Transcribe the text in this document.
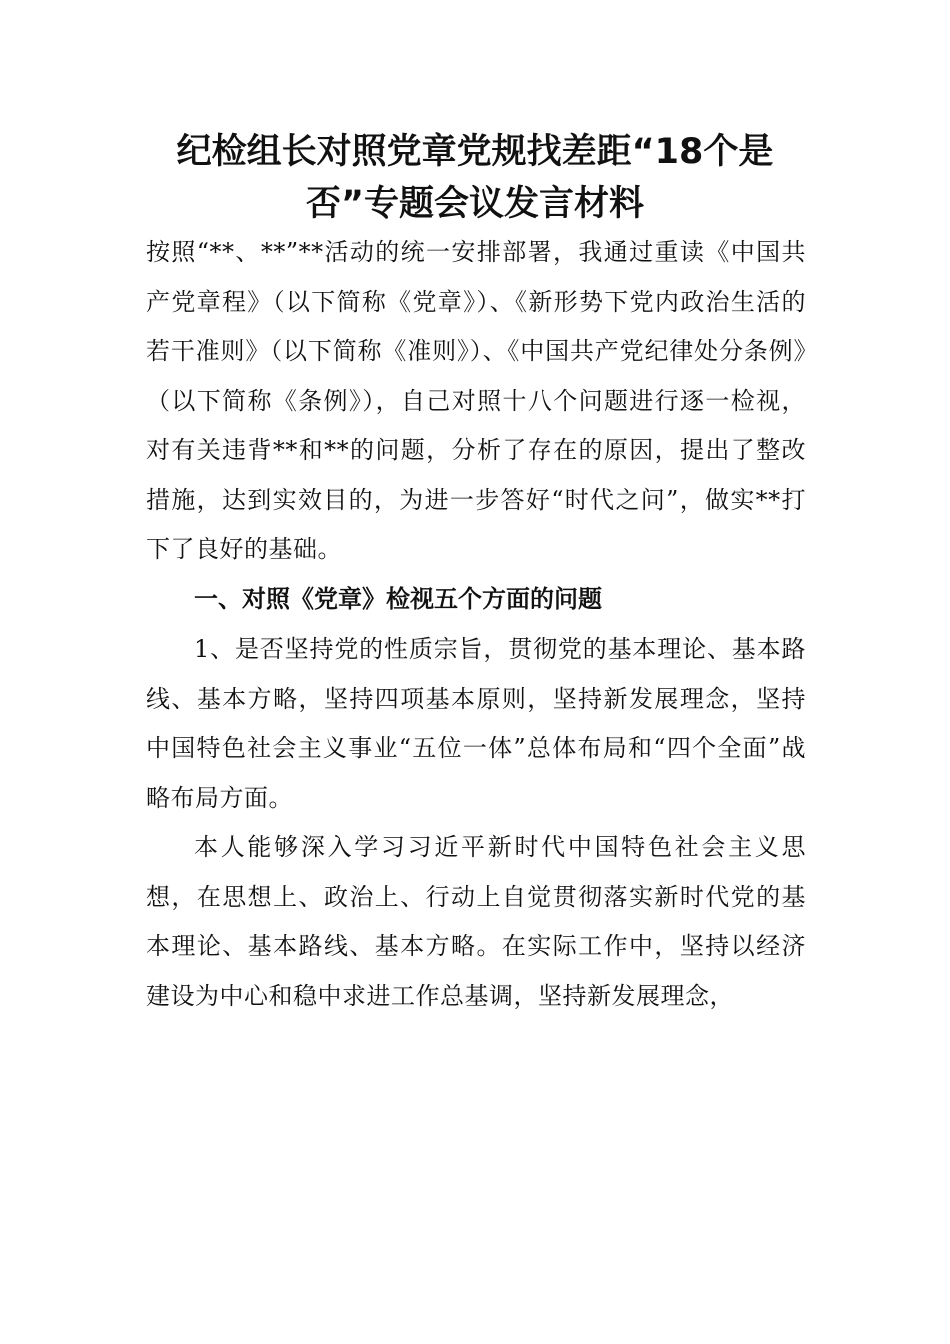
纪检组长对照党章党规找差距“18个是
否”专题会议发言材料

按照“**、**”**活动的统一安排部署，我通过重读《中国共产党章程》（以下简称《党章》）、《新形势下党内政治生活的若干准则》（以下简称《准则》）、《中国共产党纪律处分条例》（以下简称《条例》），自己对照十八个问题进行逐一检视，对有关违背**和**的问题，分析了存在的原因，提出了整改措施，达到实效目的，为进一步答好“时代之问”，做实**打下了良好的基础。

一、对照《党章》检视五个方面的问题

1、是否坚持党的性质宗旨，贯彻党的基本理论、基本路线、基本方略，坚持四项基本原则，坚持新发展理念，坚持中国特色社会主义事业“五位一体”总体布局和“四个全面”战略布局方面。

本人能够深入学习习近平新时代中国特色社会主义思想，在思想上、政治上、行动上自觉贯彻落实新时代党的基本理论、基本路线、基本方略。在实际工作中，坚持以经济建设为中心和稳中求进工作总基调，坚持新发展理念，
